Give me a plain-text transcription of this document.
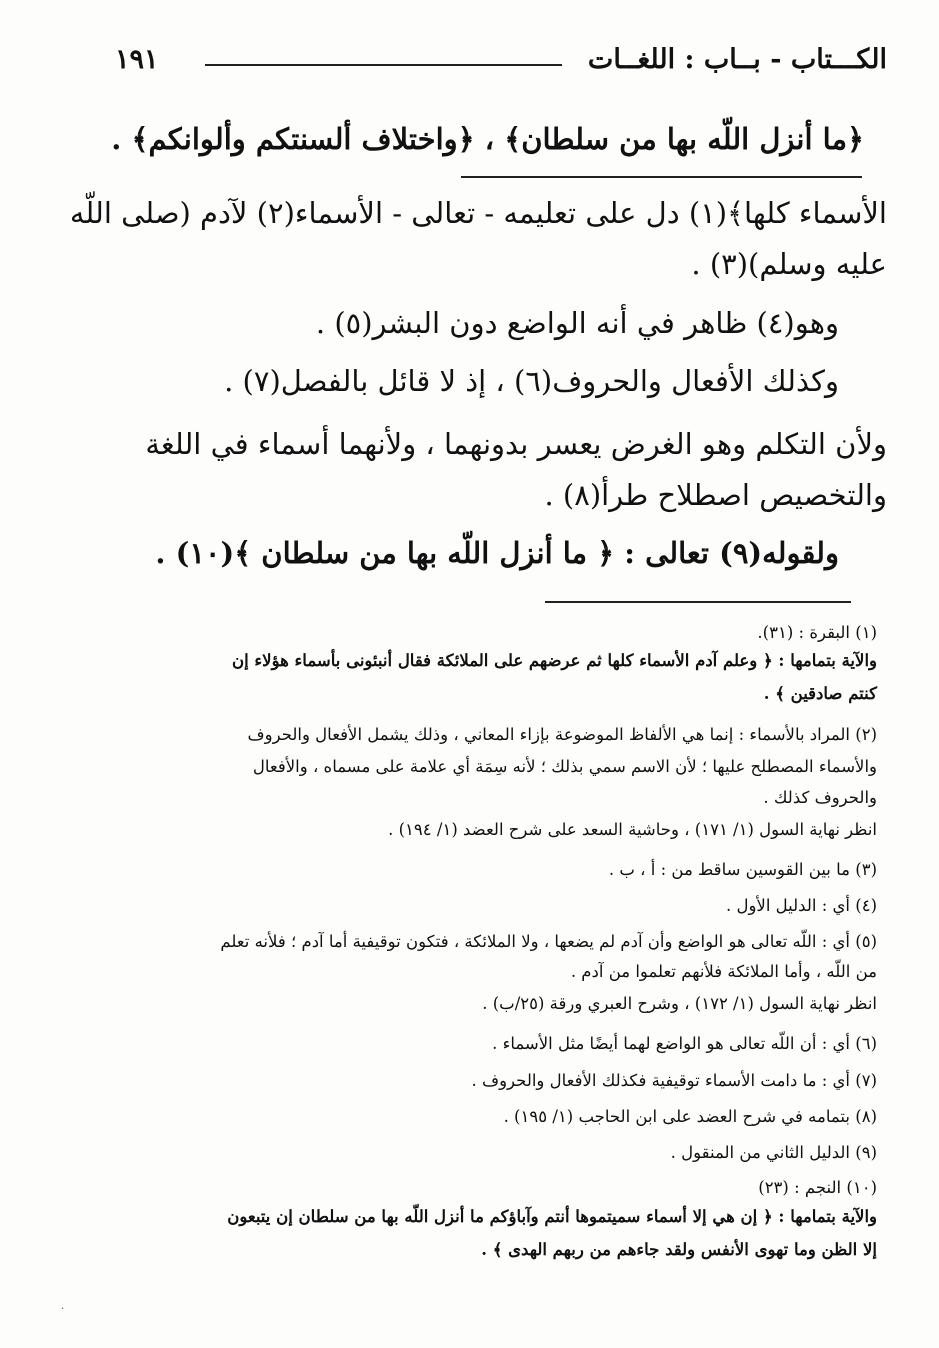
الكـــتاب - بــاب : اللغــات
١٩١
﴿ما أنزل اللّه بها من سلطان﴾ ، ﴿واختلاف ألسنتكم وألوانكم﴾ .
الأسماء كلها﴾(١) دل على تعليمه - تعالى - الأسماء(٢) لآدم (صلى اللّه
عليه وسلم)(٣) .
وهو(٤) ظاهر في أنه الواضع دون البشر(٥) .
وكذلك الأفعال والحروف(٦) ، إذ لا قائل بالفصل(٧) .
ولأن التكلم وهو الغرض يعسر بدونهما ، ولأنهما أسماء في اللغة
والتخصيص اصطلاح طرأ(٨) .
ولقوله(٩) تعالى : ﴿ ما أنزل اللّه بها من سلطان ﴾(١٠) .
(١) البقرة : (٣١).
والآية بتمامها : ﴿ وعلم آدم الأسماء كلها ثم عرضهم على الملائكة فقال أنبئونى بأسماء هؤلاء إن
كنتم صادقين ﴾ .
(٢) المراد بالأسماء : إنما هي الألفاظ الموضوعة بإزاء المعاني ، وذلك يشمل الأفعال والحروف
والأسماء المصطلح عليها ؛ لأن الاسم سمي بذلك ؛ لأنه سِمَة أي علامة على مسماه ، والأفعال
والحروف كذلك .
انظر نهاية السول (١/ ١٧١) ، وحاشية السعد على شرح العضد (١/ ١٩٤) .
(٣) ما بين القوسين ساقط من : أ ، ب .
(٤) أي : الدليل الأول .
(٥) أي : اللّه تعالى هو الواضع وأن آدم لم يضعها ، ولا الملائكة ، فتكون توقيفية أما آدم ؛ فلأنه تعلم
من اللّه ، وأما الملائكة فلأنهم تعلموا من آدم .
انظر نهاية السول (١/ ١٧٢) ، وشرح العبري ورقة (٢٥/ب) .
(٦) أي : أن اللّه تعالى هو الواضع لهما أيضًا مثل الأسماء .
(٧) أي : ما دامت الأسماء توقيفية فكذلك الأفعال والحروف .
(٨) بتمامه في شرح العضد على ابن الحاجب (١/ ١٩٥) .
(٩) الدليل الثاني من المنقول .
(١٠) النجم : (٢٣)
والآية بتمامها : ﴿ إن هي إلا أسماء سميتموها أنتم وآباؤكم ما أنزل اللّه بها من سلطان إن يتبعون
إلا الظن وما تهوى الأنفس ولقد جاءهم من ربهم الهدى ﴾ .
·
